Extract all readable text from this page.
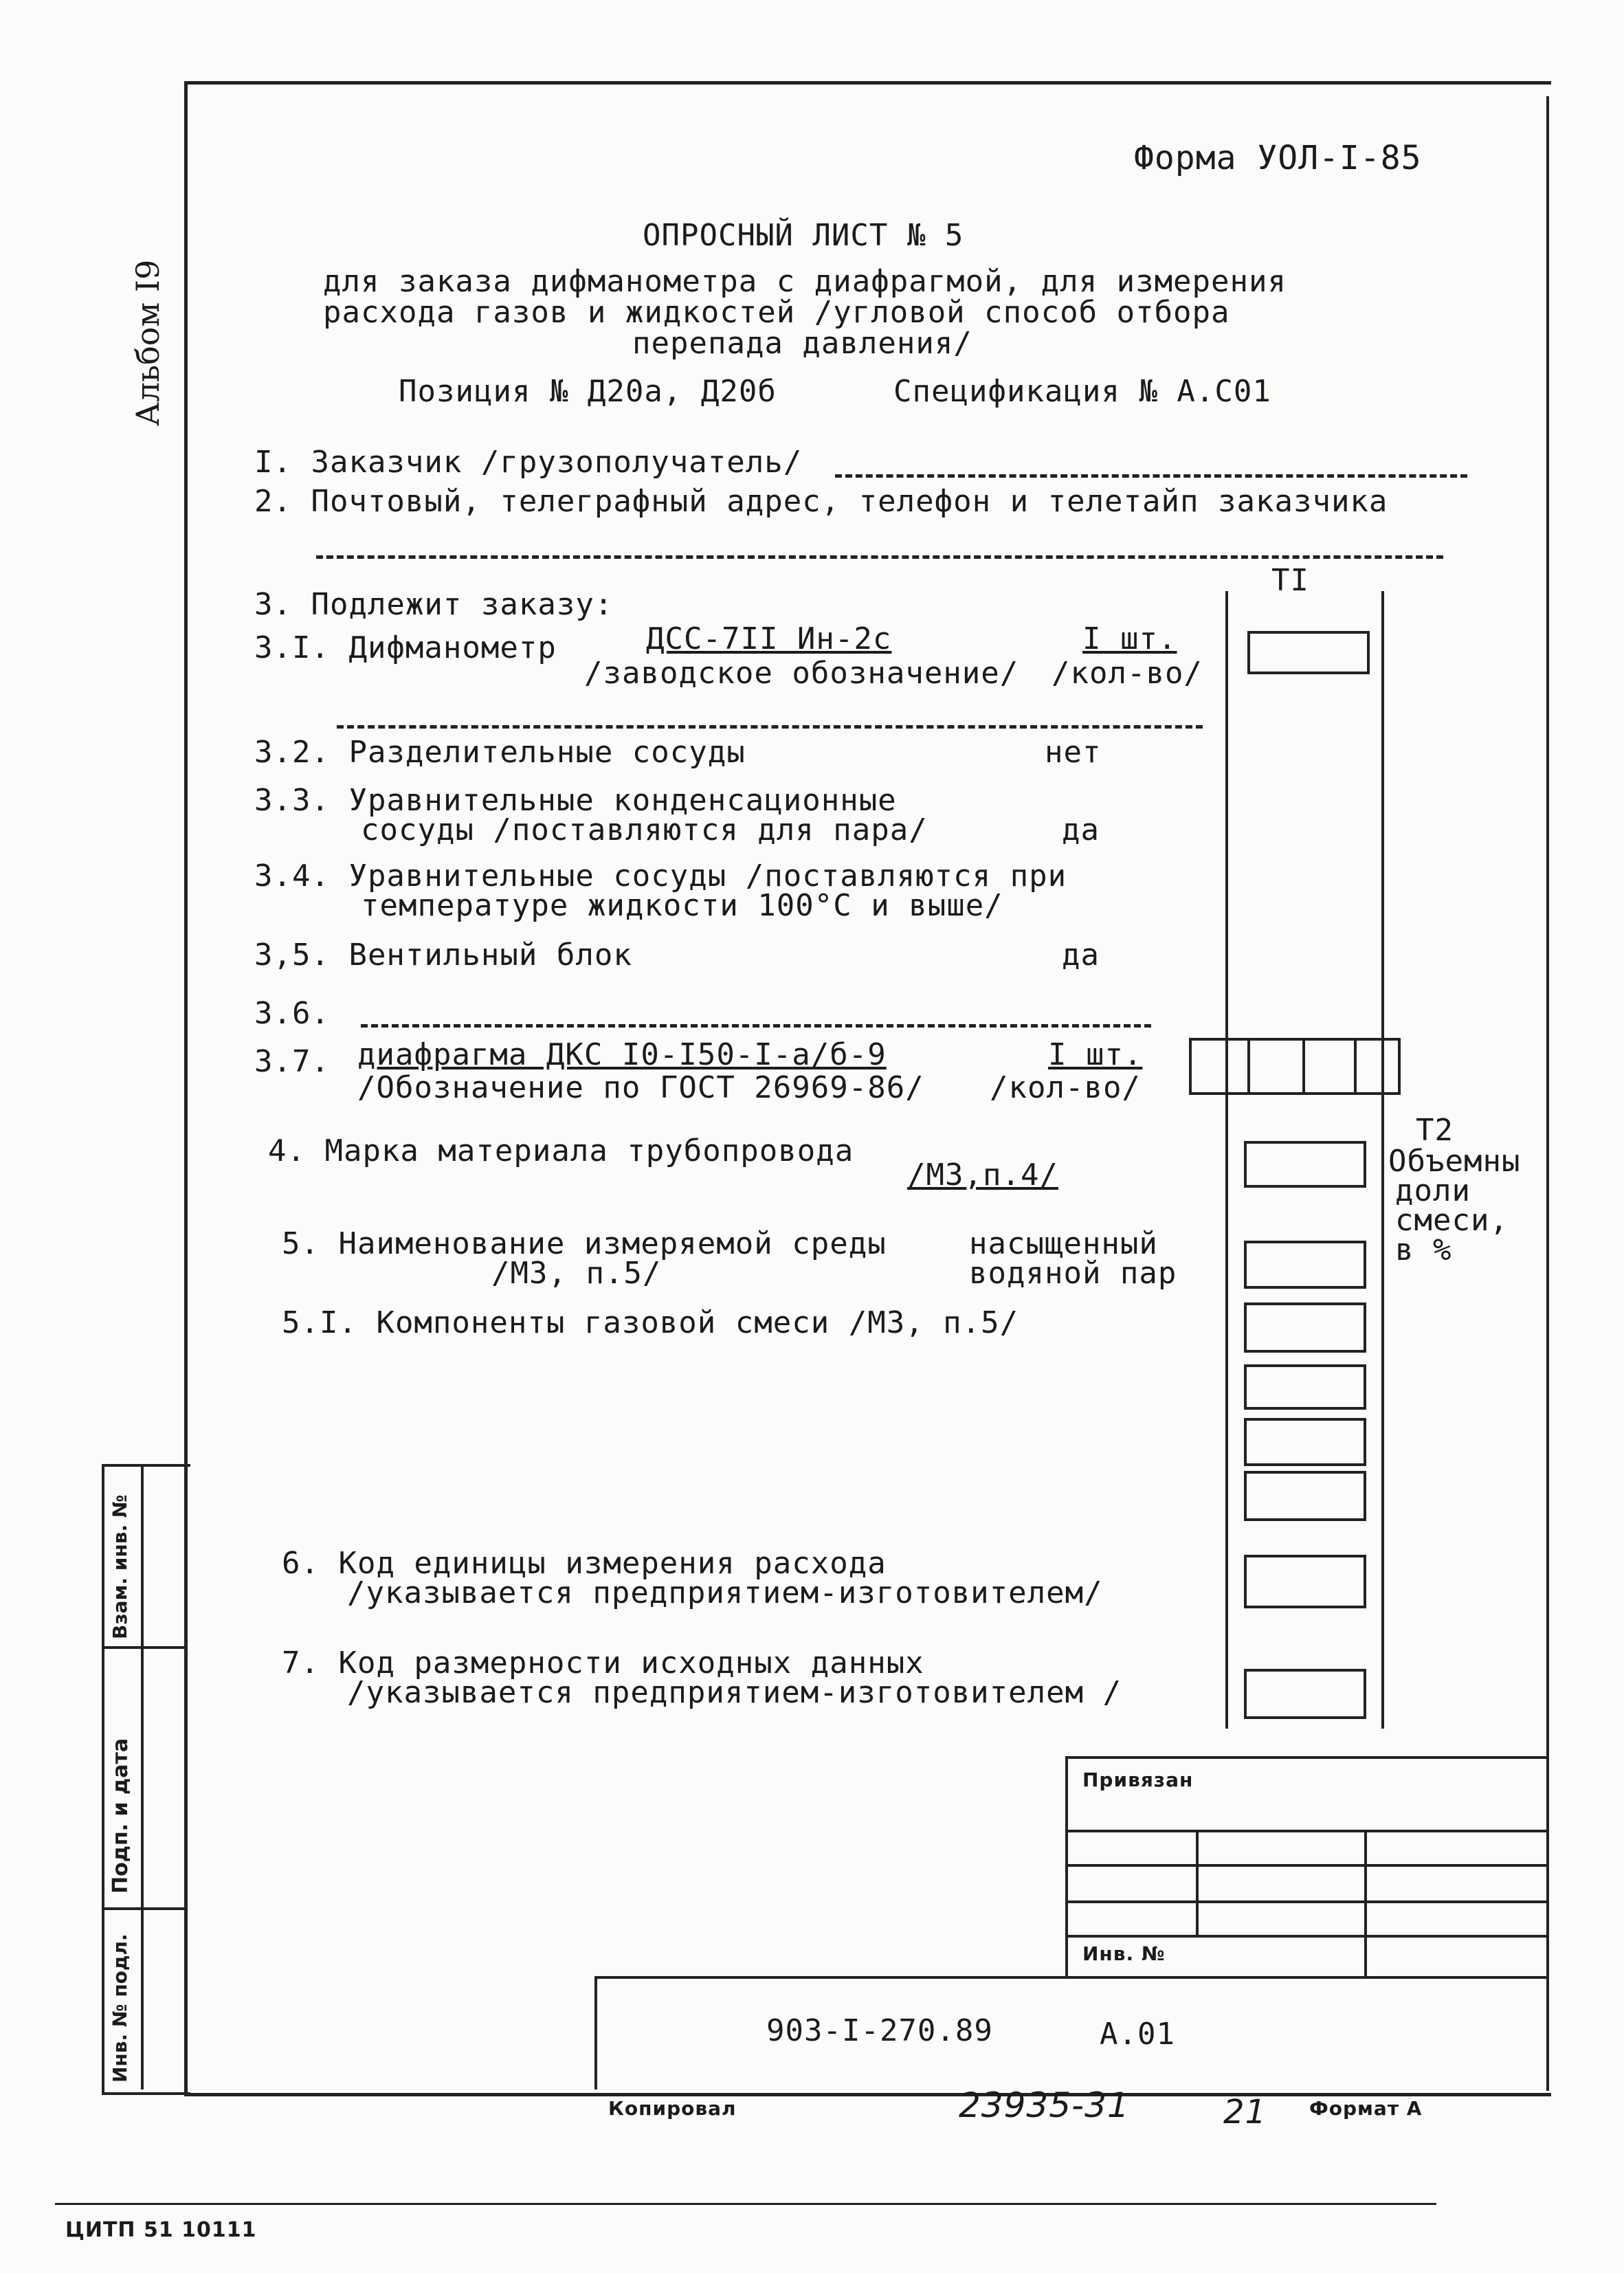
Альбом I9
Форма УОЛ-I-85
ОПРОСНЫЙ ЛИСТ № 5
для заказа дифманометра с диафрагмой, для измерения
расхода газов и жидкостей /угловой способ отбора
перепада давления/
Позиция № Д20а, Д20б	Спецификация № А.С01
I. Заказчик /грузополучатель/
2. Почтовый, телеграфный адрес, телефон и телетайп заказчика
3. Подлежит заказу:
3.I. Дифманометр	ДСС-7II Ин-2с	I шт.
/заводское обозначение/ /кол-во/
3.2. Разделительные сосуды	нет
3.3. Уравнительные конденсационные
сосуды /поставляются для пара/	да
3.4. Уравнительные сосуды /поставляются при
температуре жидкости 100°С и выше/
3,5. Вентильный блок	да
3.6.
3.7. диафрагма ДКС I0-I50-I-а/б-9	I шт.
/Обозначение по ГОСТ 26969-86/ /кол-во/
4. Марка материала трубопровода
/М3,п.4/
5. Наименование измеряемой среды
/М3, п.5/
насыщенный
водяной пар
5.I. Компоненты газовой смеси /М3, п.5/
6. Код единицы измерения расхода
/указывается предприятием-изготовителем/
7. Код размерности исходных данных
/указывается предприятием-изготовителем /
TI
T2
Объемны
доли
смеси,
в %
Привязан
Инв. №
903-I-270.89	А.01
Копировал	23935-31	21 Формат А
Взам. инв. №
Подп. и дата
Инв. № подл.
ЦИТП 51 10111
